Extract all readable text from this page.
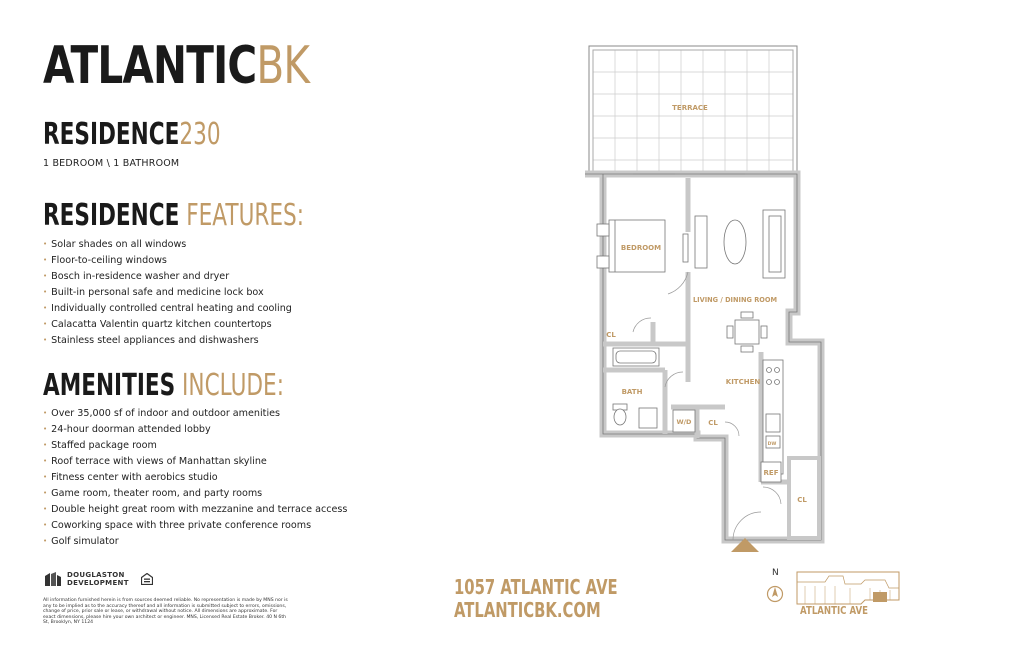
ATLANTICBK
RESIDENCE230
1 BEDROOM \ 1 BATHROOM
RESIDENCE FEATURES:
• Solar shades on all windows
• Floor-to-ceiling windows
• Bosch in-residence washer and dryer
• Built-in personal safe and medicine lock box
• Individually controlled central heating and cooling
• Calacatta Valentin quartz kitchen countertops
• Stainless steel appliances and dishwashers
AMENITIES INCLUDE:
• Over 35,000 sf of indoor and outdoor amenities
• 24-hour doorman attended lobby
• Staffed package room
• Roof terrace with views of Manhattan skyline
• Fitness center with aerobics studio
• Game room, theater room, and party rooms
• Double height great room with mezzanine and terrace access
• Coworking space with three private conference rooms
• Golf simulator
DOUGLASTON
DEVELOPMENT
All information furnished herein is from sources deemed reliable. No representation is made by MNS nor is any to be implied as to the accuracy thereof and all information is submitted subject to errors, omissions, change of price, prior sale or lease, or withdrawal without notice. All dimensions are approximate. For exact dimensions, please hire your own architect or engineer. MNS, Licensed Real Estate Broker. 40 N 6th St, Brooklyn, NY 1124
1057 ATLANTIC AVE
ATLANTICBK.COM
N
ATLANTIC AVE
TERRACE
BEDROOM
LIVING / DINING ROOM
DW
REF
KITCHEN
BATH
CL
W/D CL
CL
